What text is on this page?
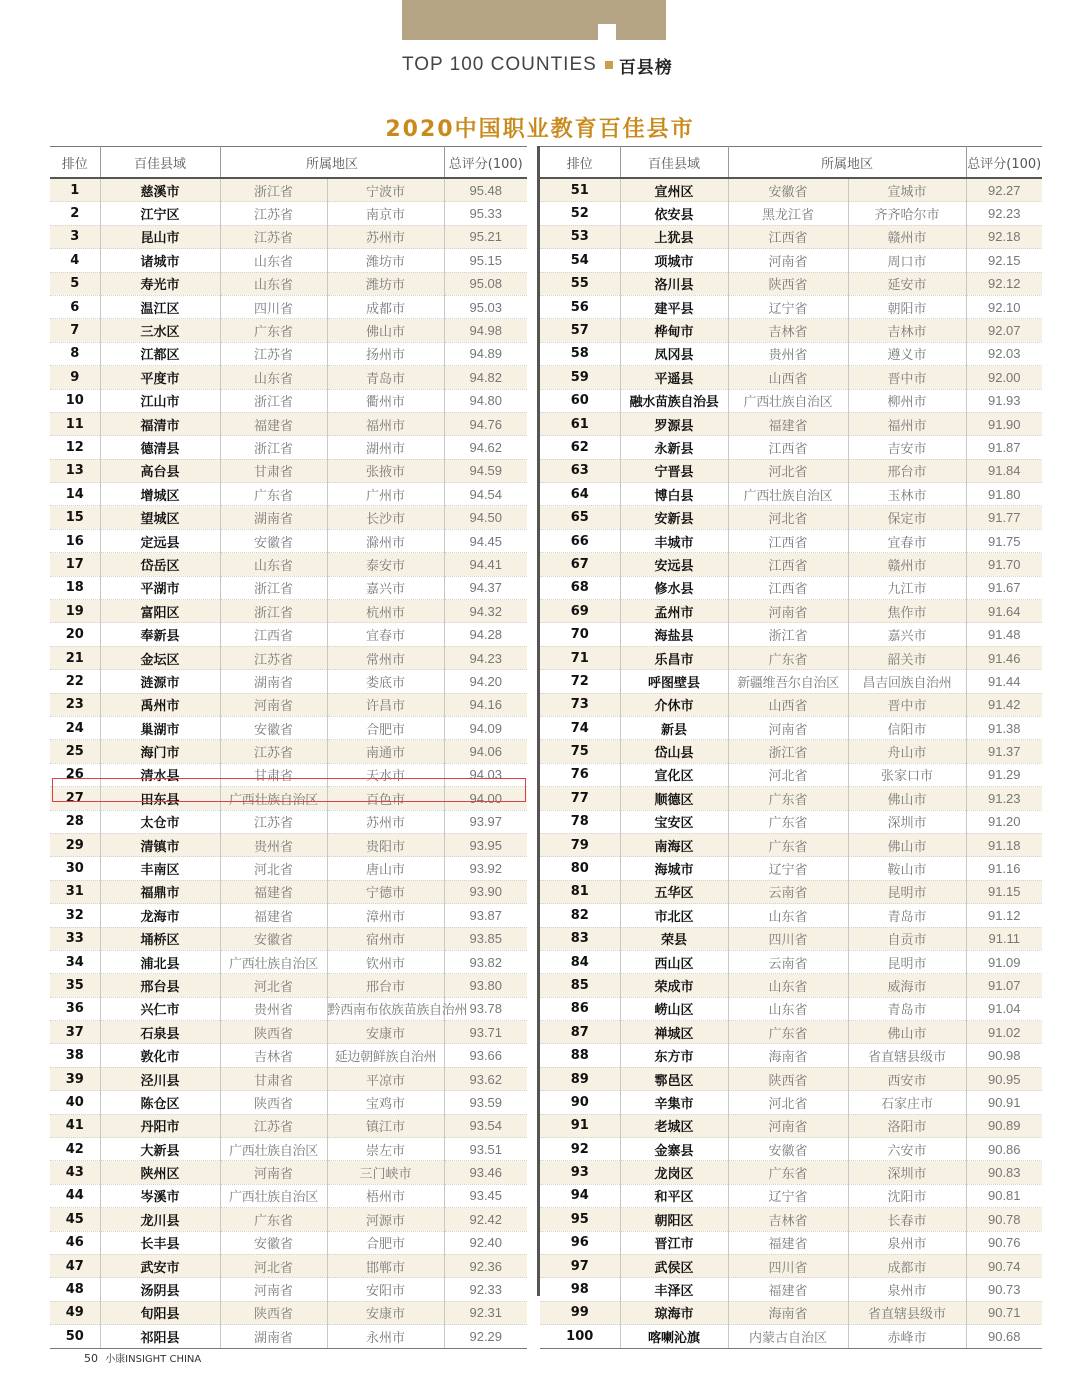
TOP 100 COUNTIES 百县榜
2020中国职业教育百佳县市
排位	百佳县域	所属地区		总评分(100)
1	慈溪市	浙江省	宁波市	95.48
2	江宁区	江苏省	南京市	95.33
3	昆山市	江苏省	苏州市	95.21
4	诸城市	山东省	潍坊市	95.15
5	寿光市	山东省	潍坊市	95.08
6	温江区	四川省	成都市	95.03
7	三水区	广东省	佛山市	94.98
8	江都区	江苏省	扬州市	94.89
9	平度市	山东省	青岛市	94.82
10	江山市	浙江省	衢州市	94.80
11	福清市	福建省	福州市	94.76
12	德清县	浙江省	湖州市	94.62
13	高台县	甘肃省	张掖市	94.59
14	增城区	广东省	广州市	94.54
15	望城区	湖南省	长沙市	94.50
16	定远县	安徽省	滁州市	94.45
17	岱岳区	山东省	泰安市	94.41
18	平湖市	浙江省	嘉兴市	94.37
19	富阳区	浙江省	杭州市	94.32
20	奉新县	江西省	宜春市	94.28
21	金坛区	江苏省	常州市	94.23
22	涟源市	湖南省	娄底市	94.20
23	禹州市	河南省	许昌市	94.16
24	巢湖市	安徽省	合肥市	94.09
25	海门市	江苏省	南通市	94.06
26	清水县	甘肃省	天水市	94.03
27	田东县	广西壮族自治区	百色市	94.00
28	太仓市	江苏省	苏州市	93.97
29	清镇市	贵州省	贵阳市	93.95
30	丰南区	河北省	唐山市	93.92
31	福鼎市	福建省	宁德市	93.90
32	龙海市	福建省	漳州市	93.87
33	埇桥区	安徽省	宿州市	93.85
34	浦北县	广西壮族自治区	钦州市	93.82
35	邢台县	河北省	邢台市	93.80
36	兴仁市	贵州省	黔西南布依族苗族自治州	93.78
37	石泉县	陕西省	安康市	93.71
38	敦化市	吉林省	延边朝鲜族自治州	93.66
39	泾川县	甘肃省	平凉市	93.62
40	陈仓区	陕西省	宝鸡市	93.59
41	丹阳市	江苏省	镇江市	93.54
42	大新县	广西壮族自治区	崇左市	93.51
43	陕州区	河南省	三门峡市	93.46
44	岑溪市	广西壮族自治区	梧州市	93.45
45	龙川县	广东省	河源市	92.42
46	长丰县	安徽省	合肥市	92.40
47	武安市	河北省	邯郸市	92.36
48	汤阴县	河南省	安阳市	92.33
49	旬阳县	陕西省	安康市	92.31
50	祁阳县	湖南省	永州市	92.29
排位	百佳县域	所属地区		总评分(100)
51	宣州区	安徽省	宣城市	92.27
52	依安县	黑龙江省	齐齐哈尔市	92.23
53	上犹县	江西省	赣州市	92.18
54	项城市	河南省	周口市	92.15
55	洛川县	陕西省	延安市	92.12
56	建平县	辽宁省	朝阳市	92.10
57	桦甸市	吉林省	吉林市	92.07
58	凤冈县	贵州省	遵义市	92.03
59	平遥县	山西省	晋中市	92.00
60	融水苗族自治县	广西壮族自治区	柳州市	91.93
61	罗源县	福建省	福州市	91.90
62	永新县	江西省	吉安市	91.87
63	宁晋县	河北省	邢台市	91.84
64	博白县	广西壮族自治区	玉林市	91.80
65	安新县	河北省	保定市	91.77
66	丰城市	江西省	宜春市	91.75
67	安远县	江西省	赣州市	91.70
68	修水县	江西省	九江市	91.67
69	孟州市	河南省	焦作市	91.64
70	海盐县	浙江省	嘉兴市	91.48
71	乐昌市	广东省	韶关市	91.46
72	呼图壁县	新疆维吾尔自治区	昌吉回族自治州	91.44
73	介休市	山西省	晋中市	91.42
74	新县	河南省	信阳市	91.38
75	岱山县	浙江省	舟山市	91.37
76	宣化区	河北省	张家口市	91.29
77	顺德区	广东省	佛山市	91.23
78	宝安区	广东省	深圳市	91.20
79	南海区	广东省	佛山市	91.18
80	海城市	辽宁省	鞍山市	91.16
81	五华区	云南省	昆明市	91.15
82	市北区	山东省	青岛市	91.12
83	荣县	四川省	自贡市	91.11
84	西山区	云南省	昆明市	91.09
85	荣成市	山东省	威海市	91.07
86	崂山区	山东省	青岛市	91.04
87	禅城区	广东省	佛山市	91.02
88	东方市	海南省	省直辖县级市	90.98
89	鄠邑区	陕西省	西安市	90.95
90	辛集市	河北省	石家庄市	90.91
91	老城区	河南省	洛阳市	90.89
92	金寨县	安徽省	六安市	90.86
93	龙岗区	广东省	深圳市	90.83
94	和平区	辽宁省	沈阳市	90.81
95	朝阳区	吉林省	长春市	90.78
96	晋江市	福建省	泉州市	90.76
97	武侯区	四川省	成都市	90.74
98	丰泽区	福建省	泉州市	90.73
99	琼海市	海南省	省直辖县级市	90.71
100	喀喇沁旗	内蒙古自治区	赤峰市	90.68
50 小康INSIGHT CHINA
